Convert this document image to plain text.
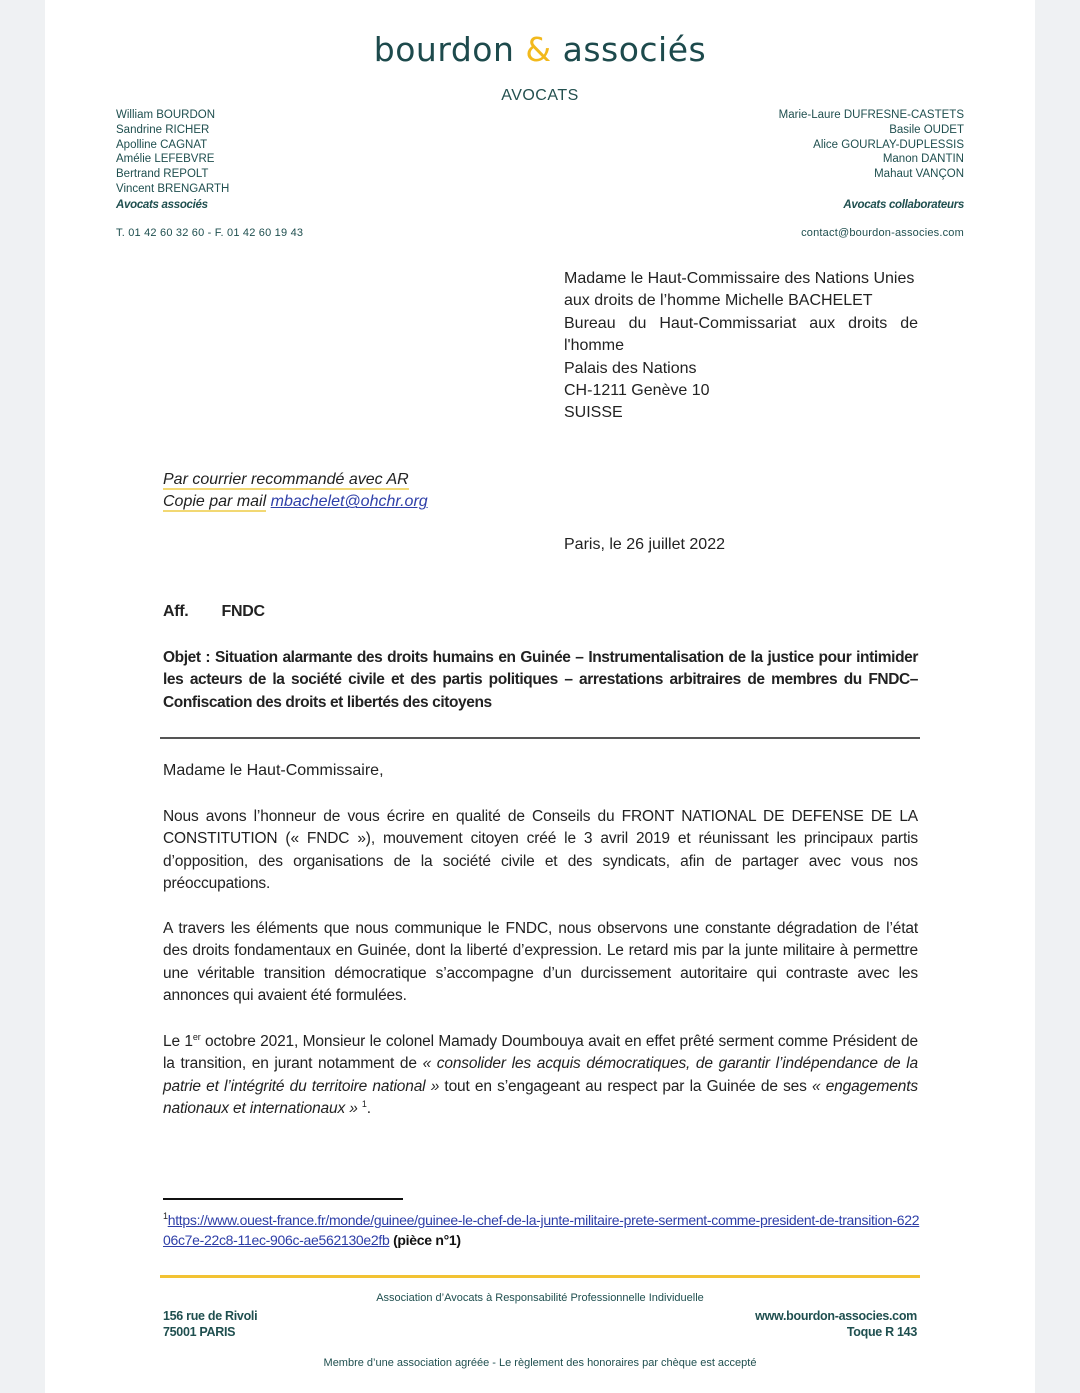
bourdon & associés
AVOCATS
William BOURDON
Sandrine RICHER
Apolline CAGNAT
Amélie LEFEBVRE
Bertrand REPOLT
Vincent BRENGARTH
Avocats associés
Marie-Laure DUFRESNE-CASTETS
Basile OUDET
Alice GOURLAY-DUPLESSIS
Manon DANTIN
Mahaut VANÇON
Avocats collaborateurs
T. 01 42 60 32 60 - F. 01 42 60 19 43	contact@bourdon-associes.com
Madame le Haut-Commissaire des Nations Unies
aux droits de l’homme Michelle BACHELET
Bureau du Haut-Commissariat aux droits de
l'homme
Palais des Nations
CH-1211 Genève 10
SUISSE
Par courrier recommandé avec AR
Copie par mail mbachelet@ohchr.org
Paris, le 26 juillet 2022
Aff. FNDC
Objet : Situation alarmante des droits humains en Guinée – Instrumentalisation de la justice pour intimider les acteurs de la société civile et des partis politiques – arrestations arbitraires de membres du FNDC–Confiscation des droits et libertés des citoyens
Madame le Haut-Commissaire,
Nous avons l’honneur de vous écrire en qualité de Conseils du FRONT NATIONAL DE DEFENSE DE LA CONSTITUTION (« FNDC »), mouvement citoyen créé le 3 avril 2019 et réunissant les principaux partis d’opposition, des organisations de la société civile et des syndicats, afin de partager avec vous nos préoccupations.
A travers les éléments que nous communique le FNDC, nous observons une constante dégradation de l’état des droits fondamentaux en Guinée, dont la liberté d’expression. Le retard mis par la junte militaire à permettre une véritable transition démocratique s’accompagne d’un durcissement autoritaire qui contraste avec les annonces qui avaient été formulées.
Le 1er octobre 2021, Monsieur le colonel Mamady Doumbouya avait en effet prêté serment comme Président de la transition, en jurant notamment de « consolider les acquis démocratiques, de garantir l’indépendance de la patrie et l’intégrité du territoire national » tout en s’engageant au respect par la Guinée de ses « engagements nationaux et internationaux » $^1$.
$^1$https://www.ouest-france.fr/monde/guinee/guinee-le-chef-de-la-junte-militaire-prete-serment-comme-president-de-transition-62206c7e-22c8-11ec-906c-ae562130e2fb (pièce n°1)
Association d’Avocats à Responsabilité Professionnelle Individuelle
156 rue de Rivoli
75001 PARIS
www.bourdon-associes.com
Toque R 143
Membre d’une association agréée - Le règlement des honoraires par chèque est accepté
